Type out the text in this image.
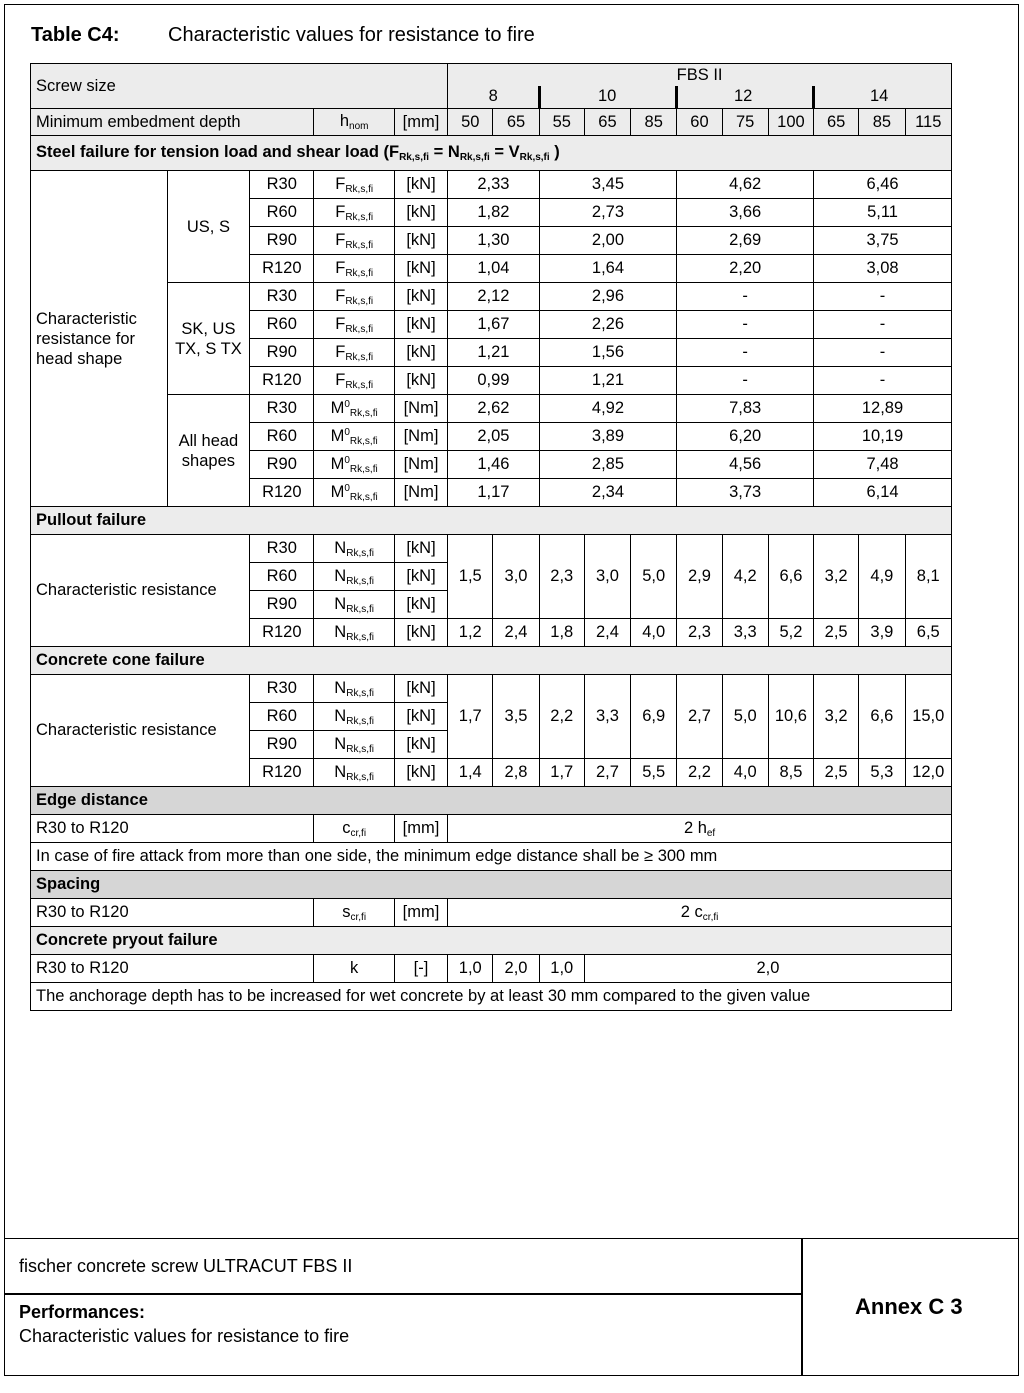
Table C4: Characteristic values for resistance to fire
Screw size					FBS II
8 10 12 14										

Minimum embedment depth			$h_{nom}$	[mm]	50	65	55	65	85	60	75	100	65	85	115
Steel failure for tension load and shear load ($F_{Rk,s,fi} = N_{Rk,s,fi} = V_{Rk,s,fi}$ )															
Characteristic resistance for head shape	US, S	R30	$F_{Rk,s,fi}$	[kN]	2,33		3,45			4,62			6,46		
		R60	$F_{Rk,s,fi}$	[kN]	1,82		2,73			3,66			5,11		
		R90	$F_{Rk,s,fi}$	[kN]	1,30		2,00			2,69			3,75		
		R120	$F_{Rk,s,fi}$	[kN]	1,04		1,64			2,20			3,08		
	SK, US TX, S TX	R30	$F_{Rk,s,fi}$	[kN]	2,12		2,96			-			-		
		R60	$F_{Rk,s,fi}$	[kN]	1,67		2,26			-			-		
		R90	$F_{Rk,s,fi}$	[kN]	1,21		1,56			-			-		
		R120	$F_{Rk,s,fi}$	[kN]	0,99		1,21			-			-		
	All head shapes	R30	$M^0_{Rk,s,fi}$	[Nm]	2,62		4,92			7,83			12,89		
		R60	$M^0_{Rk,s,fi}$	[Nm]	2,05		3,89			6,20			10,19		
		R90	$M^0_{Rk,s,fi}$	[Nm]	1,46		2,85			4,56			7,48		
		R120	$M^0_{Rk,s,fi}$	[Nm]	1,17		2,34			3,73			6,14		
Pullout failure															
Characteristic resistance		R30	$N_{Rk,s,fi}$	[kN]	1,5	3,0	2,3	3,0	5,0	2,9	4,2	6,6	3,2	4,9	8,1
		R60	$N_{Rk,s,fi}$	[kN]											
		R90	$N_{Rk,s,fi}$	[kN]											
		R120	$N_{Rk,s,fi}$	[kN]	1,2	2,4	1,8	2,4	4,0	2,3	3,3	5,2	2,5	3,9	6,5
Concrete cone failure															
Characteristic resistance		R30	$N_{Rk,s,fi}$	[kN]	1,7	3,5	2,2	3,3	6,9	2,7	5,0	10,6	3,2	6,6	15,0
		R60	$N_{Rk,s,fi}$	[kN]											
		R90	$N_{Rk,s,fi}$	[kN]											
		R120	$N_{Rk,s,fi}$	[kN]	1,4	2,8	1,7	2,7	5,5	2,2	4,0	8,5	2,5	5,3	12,0
Edge distance															
R30 to R120			$c_{cr,fi}$	[mm]	2 $h_{ef}$
In case of fire attack from more than one side, the minimum edge distance shall be ≥ 300 mm															
Spacing															
R30 to R120			$s_{cr,fi}$	[mm]	2 $c_{cr,fi}$
Concrete pryout failure															
R30 to R120			k	[-]	1,0	2,0	1,0	2,0							
The anchorage depth has to be increased for wet concrete by at least 30 mm compared to the given value															
fischer concrete screw ULTRACUT FBS II
Performances:
Characteristic values for resistance to fire
Annex C 3
